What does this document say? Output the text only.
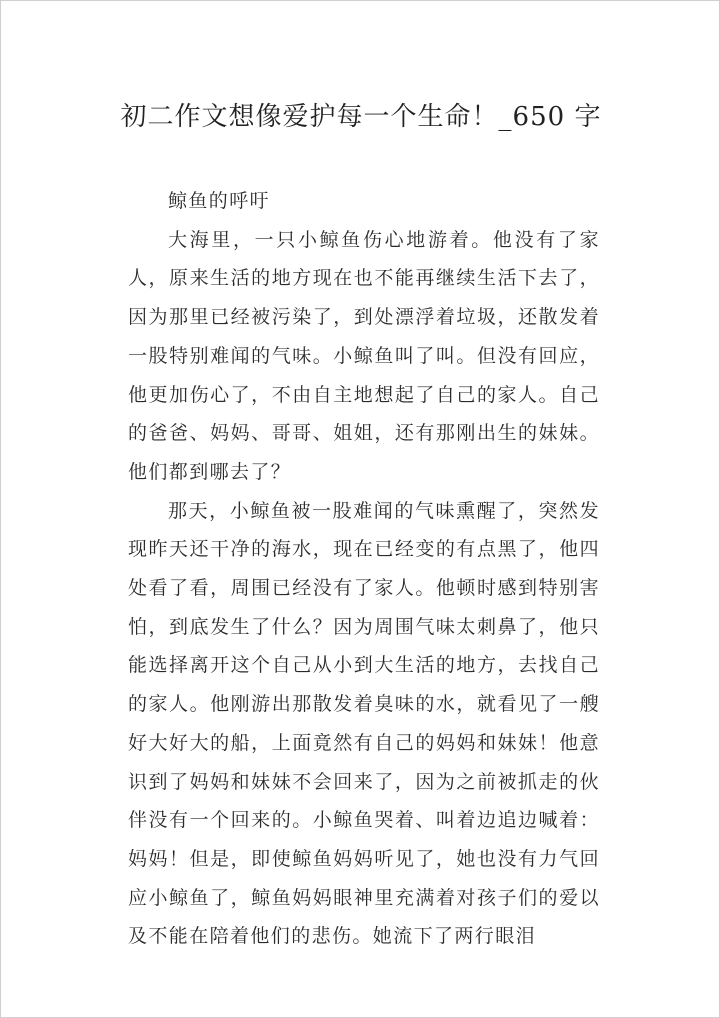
初二作文想像爱护每一个生命！_650 字

鲸鱼的呼吁

大海里，一只小鲸鱼伤心地游着。他没有了家人，原来生活的地方现在也不能再继续生活下去了，因为那里已经被污染了，到处漂浮着垃圾，还散发着一股特别难闻的气味。小鲸鱼叫了叫。但没有回应，他更加伤心了，不由自主地想起了自己的家人。自己的爸爸、妈妈、哥哥、姐姐，还有那刚出生的妹妹。他们都到哪去了？

那天，小鲸鱼被一股难闻的气味熏醒了，突然发现昨天还干净的海水，现在已经变的有点黑了，他四处看了看，周围已经没有了家人。他顿时感到特别害怕，到底发生了什么？因为周围气味太刺鼻了，他只能选择离开这个自己从小到大生活的地方，去找自己的家人。他刚游出那散发着臭味的水，就看见了一艘好大好大的船，上面竟然有自己的妈妈和妹妹！他意识到了妈妈和妹妹不会回来了，因为之前被抓走的伙伴没有一个回来的。小鲸鱼哭着、叫着边追边喊着：妈妈！但是，即使鲸鱼妈妈听见了，她也没有力气回应小鲸鱼了，鲸鱼妈妈眼神里充满着对孩子们的爱以及不能在陪着他们的悲伤。她流下了两行眼泪
